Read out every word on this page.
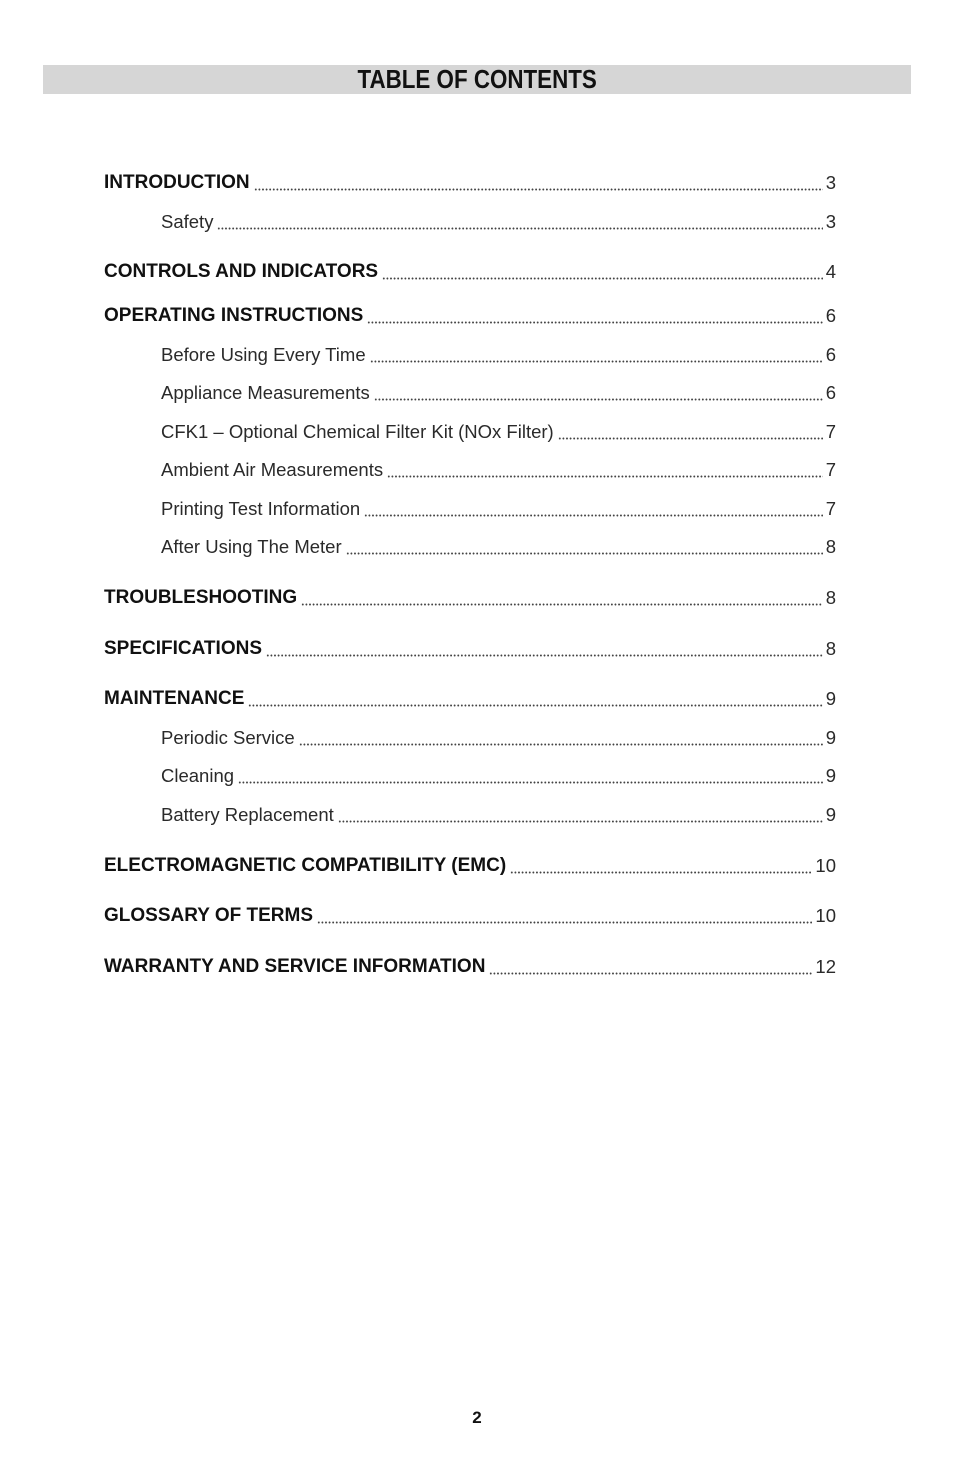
TABLE OF CONTENTS
INTRODUCTION	3
Safety	3
CONTROLS AND INDICATORS	4
OPERATING INSTRUCTIONS	6
Before Using Every Time	6
Appliance Measurements	6
CFK1 – Optional Chemical Filter Kit (NOx Filter)	7
Ambient Air Measurements	7
Printing Test Information	7
After Using The Meter	8
TROUBLESHOOTING	8
SPECIFICATIONS	8
MAINTENANCE	9
Periodic Service	9
Cleaning	9
Battery Replacement	9
ELECTROMAGNETIC COMPATIBILITY (EMC)	10
GLOSSARY OF TERMS	10
WARRANTY AND SERVICE INFORMATION	12
2
